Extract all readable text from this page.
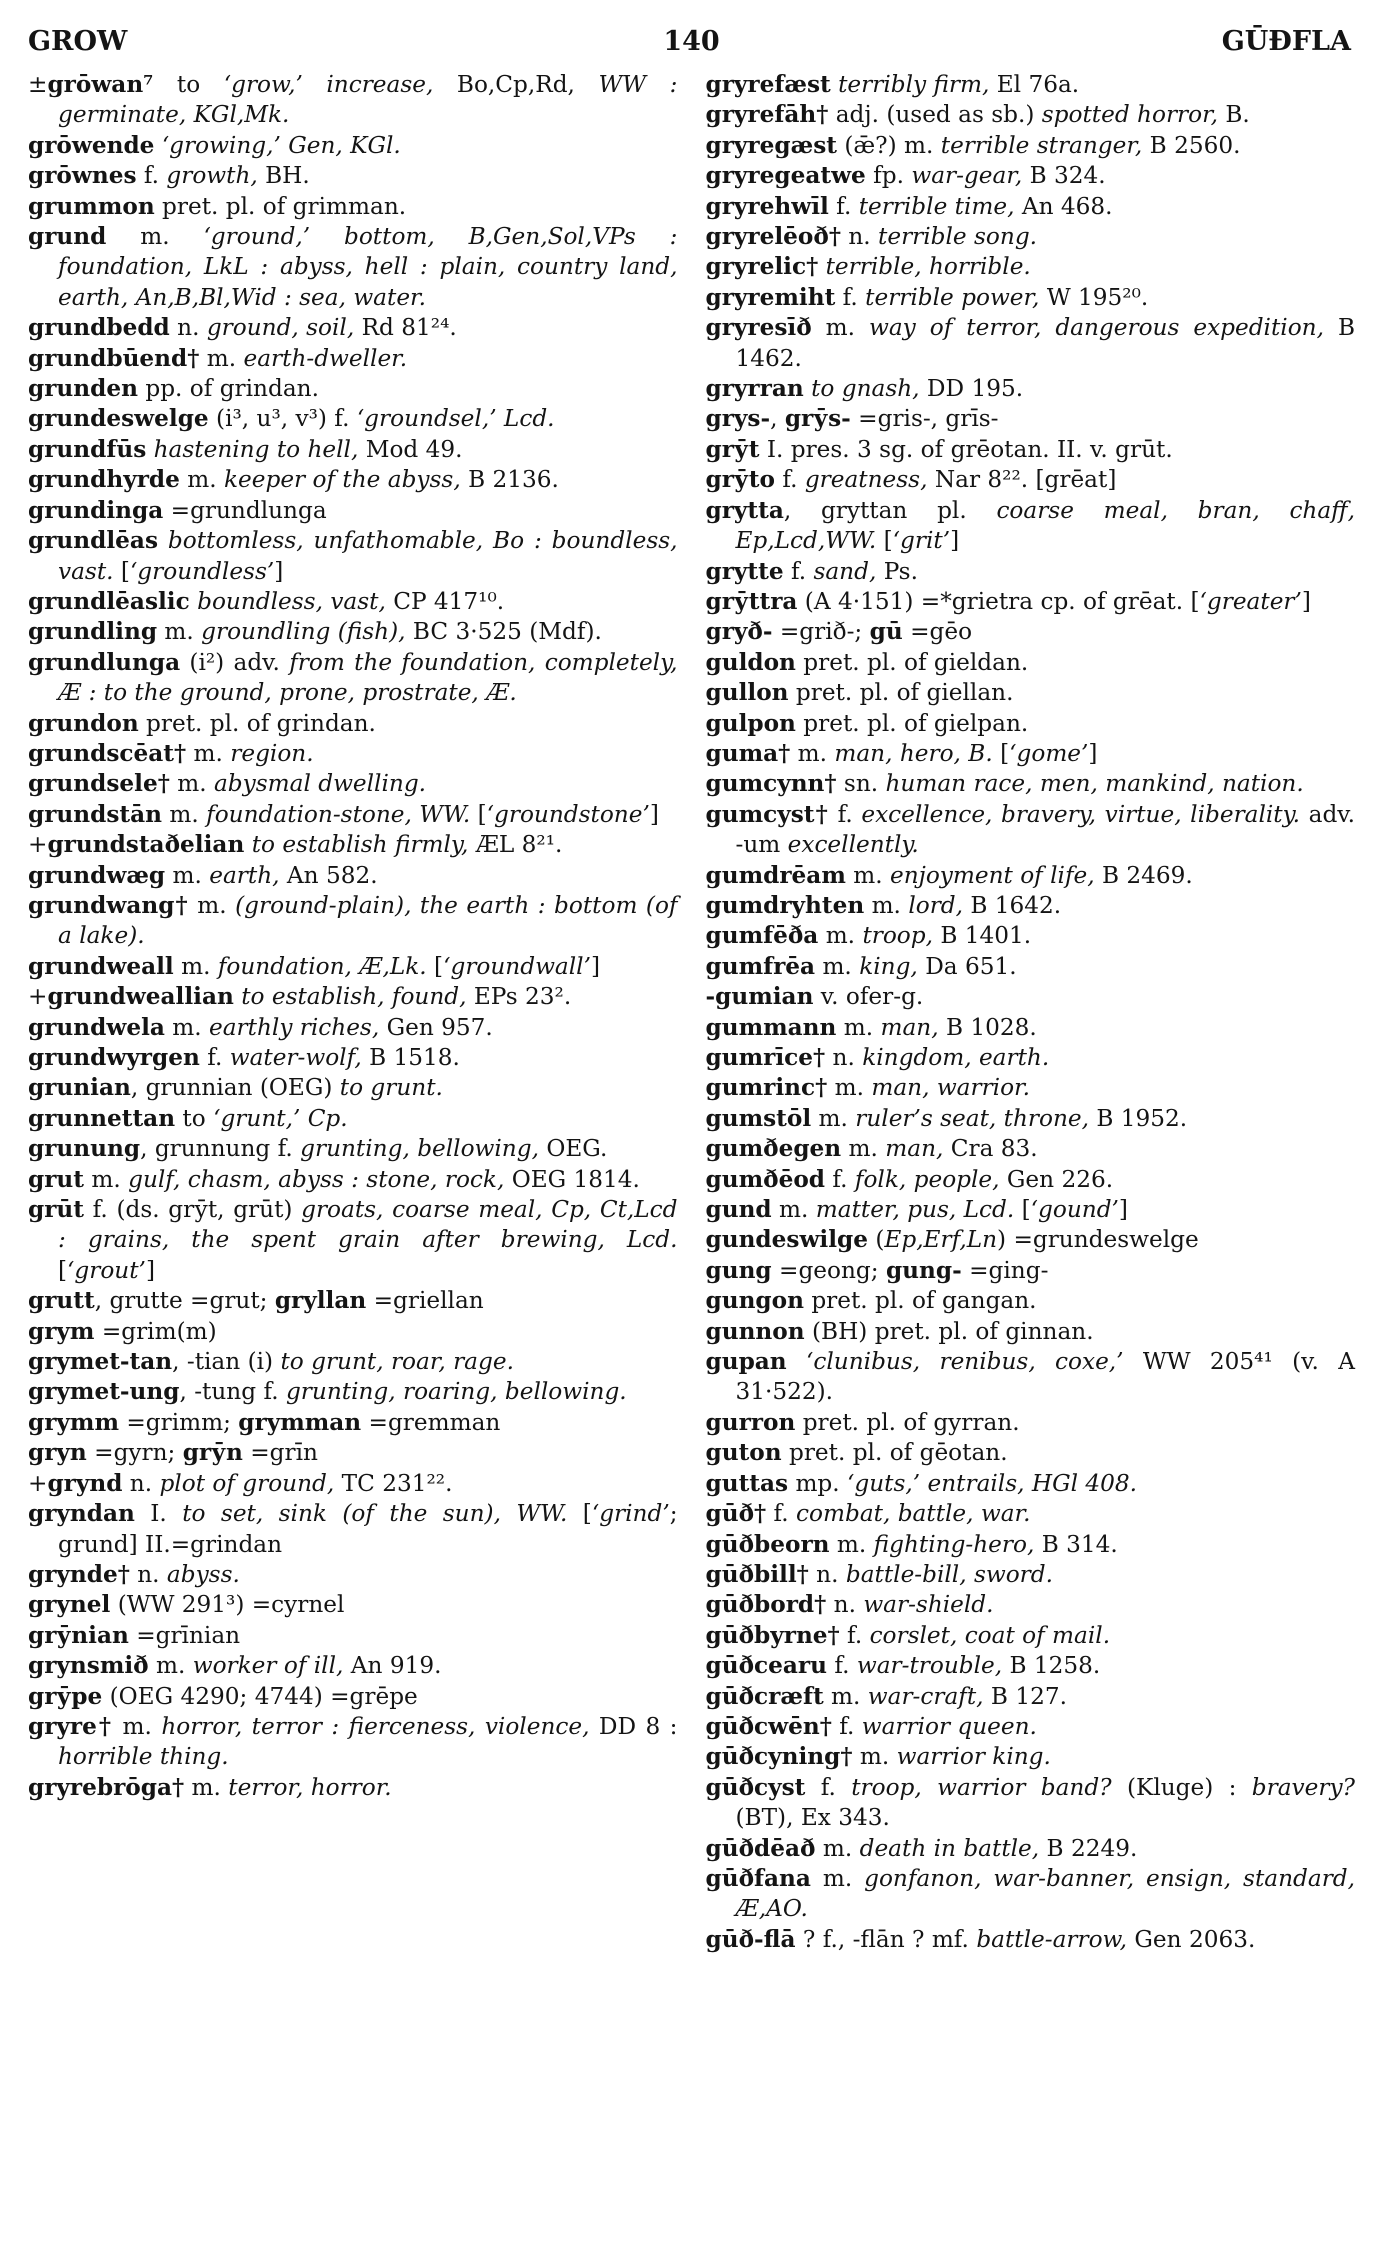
GROW	140	GŪÐFLA
±grōwan⁷ to ‘grow,’ increase, Bo,Cp,Rd, WW : germinate, KGl,Mk.
grōwende ‘growing,’ Gen, KGl.
grōwnes f. growth, BH.
grummon pret. pl. of grimman.
grund m. ‘ground,’ bottom, B,Gen,Sol,VPs : foundation, LkL : abyss, hell : plain, country land, earth, An,B,Bl,Wid : sea, water.
grundbedd n. ground, soil, Rd 81²⁴.
grundbūend† m. earth-dweller.
grunden pp. of grindan.
grundeswelge (i³, u³, v³) f. ‘groundsel,’ Lcd.
grundfūs hastening to hell, Mod 49.
grundhyrde m. keeper of the abyss, B 2136.
grundinga =grundlunga
grundlēas bottomless, unfathomable, Bo : boundless, vast. [‘groundless’]
grundlēaslic boundless, vast, CP 417¹⁰.
grundling m. groundling (fish), BC 3·525 (Mdf).
grundlunga (i²) adv. from the foundation, completely, Æ : to the ground, prone, prostrate, Æ.
grundon pret. pl. of grindan.
grundscēat† m. region.
grundsele† m. abysmal dwelling.
grundstān m. foundation-stone, WW. [‘groundstone’]
+grundstaðelian to establish firmly, ÆL 8²¹.
grundwæg m. earth, An 582.
grundwang† m. (ground-plain), the earth : bottom (of a lake).
grundweall m. foundation, Æ,Lk. [‘groundwall’]
+grundweallian to establish, found, EPs 23².
grundwela m. earthly riches, Gen 957.
grundwyrgen f. water-wolf, B 1518.
grunian, grunnian (OEG) to grunt.
grunnettan to ‘grunt,’ Cp.
grunung, grunnung f. grunting, bellowing, OEG.
grut m. gulf, chasm, abyss : stone, rock, OEG 1814.
grūt f. (ds. grӯt, grūt) groats, coarse meal, Cp, Ct,Lcd : grains, the spent grain after brewing, Lcd. [‘grout’]
grutt, grutte =grut; gryllan =griellan
grym =grim(m)
grymet-tan, -tian (i) to grunt, roar, rage.
grymet-ung, -tung f. grunting, roaring, bellowing.
grymm =grimm; grymman =gremman
gryn =gyrn; grӯn =grīn
+grynd n. plot of ground, TC 231²².
gryndan I. to set, sink (of the sun), WW. [‘grind’; grund] II.=grindan
grynde† n. abyss.
grynel (WW 291³) =cyrnel
grӯnian =grīnian
grynsmið m. worker of ill, An 919.
grӯpe (OEG 4290; 4744) =grēpe
gryre† m. horror, terror : fierceness, violence, DD 8 : horrible thing.
gryrebrōga† m. terror, horror.
gryrefæst terribly firm, El 76a.
gryrefāh† adj. (used as sb.) spotted horror, B.
gryregæst (ǣ?) m. terrible stranger, B 2560.
gryregeatwe fp. war-gear, B 324.
gryrehwīl f. terrible time, An 468.
gryrelēoð† n. terrible song.
gryrelic† terrible, horrible.
gryremiht f. terrible power, W 195²⁰.
gryresīð m. way of terror, dangerous expedition, B 1462.
gryrran to gnash, DD 195.
grys-, grӯs- =gris-, grīs-
grӯt I. pres. 3 sg. of grēotan. II. v. grūt.
grӯto f. greatness, Nar 8²². [grēat]
grytta, gryttan pl. coarse meal, bran, chaff, Ep,Lcd,WW. [‘grit’]
grytte f. sand, Ps.
grӯttra (A 4·151) =*grietra cp. of grēat. [‘greater’]
gryð- =grið-; gū =gēo
guldon pret. pl. of gieldan.
gullon pret. pl. of giellan.
gulpon pret. pl. of gielpan.
guma† m. man, hero, B. [‘gome’]
gumcynn† sn. human race, men, mankind, nation.
gumcyst† f. excellence, bravery, virtue, liberality. adv. -um excellently.
gumdrēam m. enjoyment of life, B 2469.
gumdryhten m. lord, B 1642.
gumfēða m. troop, B 1401.
gumfrēa m. king, Da 651.
-gumian v. ofer-g.
gummann m. man, B 1028.
gumrīce† n. kingdom, earth.
gumrinc† m. man, warrior.
gumstōl m. ruler’s seat, throne, B 1952.
gumðegen m. man, Cra 83.
gumðēod f. folk, people, Gen 226.
gund m. matter, pus, Lcd. [‘gound’]
gundeswilge (Ep,Erf,Ln) =grundeswelge
gung =geong; gung- =ging-
gungon pret. pl. of gangan.
gunnon (BH) pret. pl. of ginnan.
gupan ‘clunibus, renibus, coxe,’ WW 205⁴¹ (v. A 31·522).
gurron pret. pl. of gyrran.
guton pret. pl. of gēotan.
guttas mp. ‘guts,’ entrails, HGl 408.
gūð† f. combat, battle, war.
gūðbeorn m. fighting-hero, B 314.
gūðbill† n. battle-bill, sword.
gūðbord† n. war-shield.
gūðbyrne† f. corslet, coat of mail.
gūðcearu f. war-trouble, B 1258.
gūðcræft m. war-craft, B 127.
gūðcwēn† f. warrior queen.
gūðcyning† m. warrior king.
gūðcyst f. troop, warrior band? (Kluge) : bravery? (BT), Ex 343.
gūðdēað m. death in battle, B 2249.
gūðfana m. gonfanon, war-banner, ensign, standard, Æ,AO.
gūð-flā ? f., -flān ? mf. battle-arrow, Gen 2063.
